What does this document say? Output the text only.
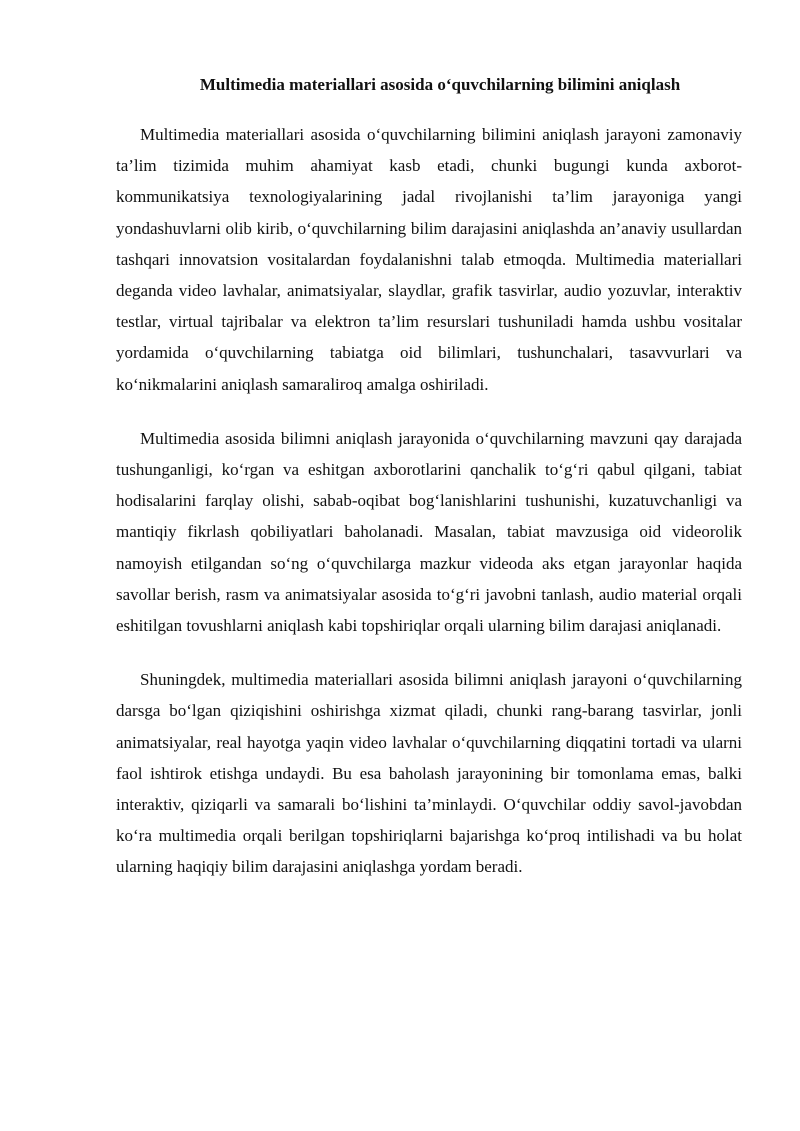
Multimedia materiallari asosida o‘quvchilarning bilimini aniqlash

Multimedia materiallari asosida o‘quvchilarning bilimini aniqlash jarayoni zamonaviy ta’lim tizimida muhim ahamiyat kasb etadi, chunki bugungi kunda axborot-kommunikatsiya texnologiyalarining jadal rivojlanishi ta’lim jarayoniga yangi yondashuvlarni olib kirib, o‘quvchilarning bilim darajasini aniqlashda an’anaviy usullardan tashqari innovatsion vositalardan foydalanishni talab etmoqda. Multimedia materiallari deganda video lavhalar, animatsiyalar, slaydlar, grafik tasvirlar, audio yozuvlar, interaktiv testlar, virtual tajribalar va elektron ta’lim resurslari tushuniladi hamda ushbu vositalar yordamida o‘quvchilarning tabiatga oid bilimlari, tushunchalari, tasavvurlari va ko‘nikmalarini aniqlash samaraliroq amalga oshiriladi.

Multimedia asosida bilimni aniqlash jarayonida o‘quvchilarning mavzuni qay darajada tushunganligi, ko‘rgan va eshitgan axborotlarini qanchalik to‘g‘ri qabul qilgani, tabiat hodisalarini farqlay olishi, sabab-oqibat bog‘lanishlarini tushunishi, kuzatuvchanligi va mantiqiy fikrlash qobiliyatlari baholanadi. Masalan, tabiat mavzusiga oid videorolik namoyish etilgandan so‘ng o‘quvchilarga mazkur videoda aks etgan jarayonlar haqida savollar berish, rasm va animatsiyalar asosida to‘g‘ri javobni tanlash, audio material orqali eshitilgan tovushlarni aniqlash kabi topshiriqlar orqali ularning bilim darajasi aniqlanadi.

Shuningdek, multimedia materiallari asosida bilimni aniqlash jarayoni o‘quvchilarning darsga bo‘lgan qiziqishini oshirishga xizmat qiladi, chunki rang-barang tasvirlar, jonli animatsiyalar, real hayotga yaqin video lavhalar o‘quvchilarning diqqatini tortadi va ularni faol ishtirok etishga undaydi. Bu esa baholash jarayonining bir tomonlama emas, balki interaktiv, qiziqarli va samarali bo‘lishini ta’minlaydi. O‘quvchilar oddiy savol-javobdan ko‘ra multimedia orqali berilgan topshiriqlarni bajarishga ko‘proq intilishadi va bu holat ularning haqiqiy bilim darajasini aniqlashga yordam beradi.
